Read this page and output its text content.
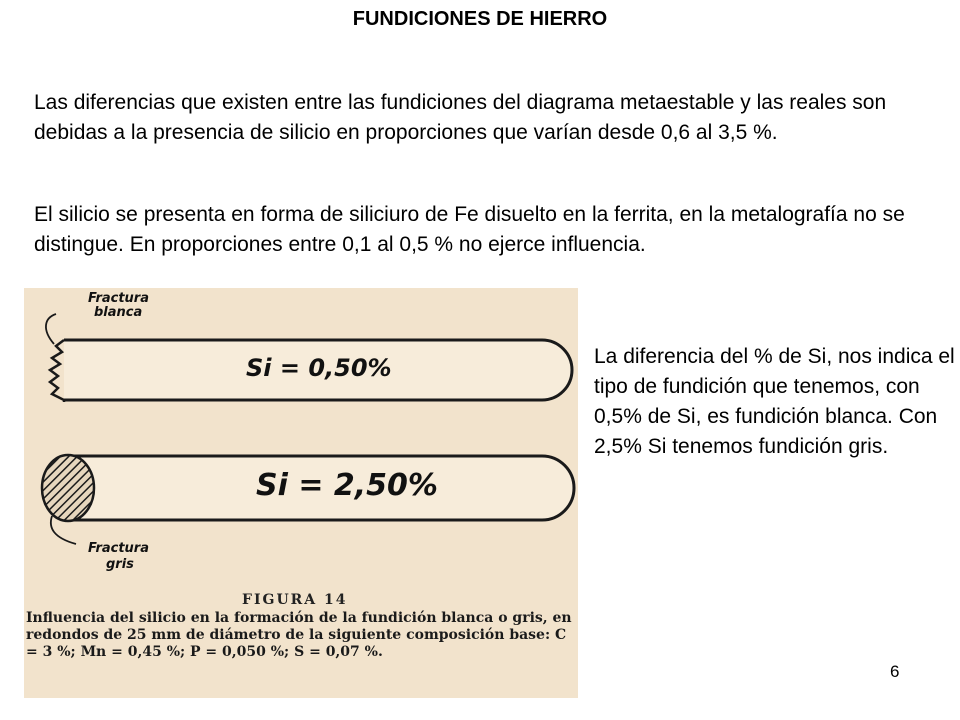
FUNDICIONES DE HIERRO

Las diferencias que existen entre las fundiciones del diagrama metaestable y las reales son debidas a la presencia de silicio en proporciones que varían desde 0,6 al 3,5 %.

El silicio se presenta en forma de siliciuro de Fe disuelto en la ferrita, en la metalografía no se distingue. En proporciones entre 0,1 al 0,5 % no ejerce influencia.

Fractura
blanca
Si = 0,50%
Si = 2,50%
Fractura
gris
FIGURA 14
Influencia del silicio en la formación de la fundición blanca o gris, en redondos de 25 mm de diámetro de la siguiente composición base: C = 3 %; Mn = 0,45 %; P = 0,050 %; S = 0,07 %.

La diferencia del % de Si, nos indica el tipo de fundición que tenemos, con 0,5% de Si, es fundición blanca. Con 2,5% Si tenemos fundición gris.

6
